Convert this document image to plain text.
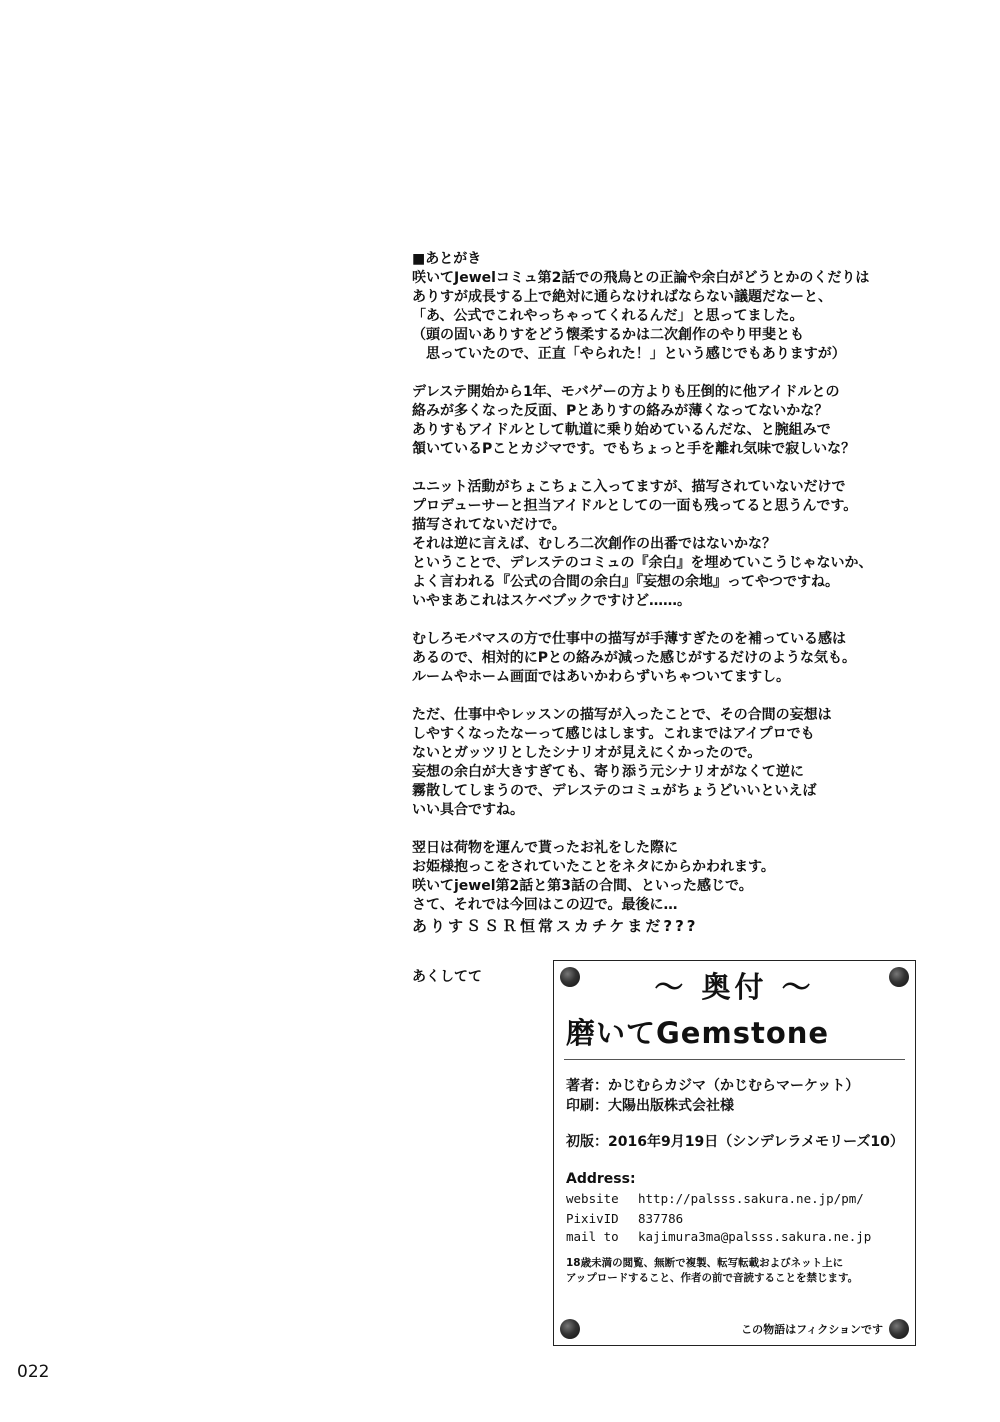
■あとがき
咲いてJewelコミュ第2話での飛鳥との正論や余白がどうとかのくだりは
ありすが成長する上で絶対に通らなければならない議題だなーと、
「あ、公式でこれやっちゃってくれるんだ」と思ってました。
（頭の固いありすをどう懐柔するかは二次創作のやり甲斐とも
　思っていたので、正直「やられた！」という感じでもありますが）
デレステ開始から1年、モバゲーの方よりも圧倒的に他アイドルとの
絡みが多くなった反面、Pとありすの絡みが薄くなってないかな？
ありすもアイドルとして軌道に乗り始めているんだな、と腕組みで
頷いているPことカジマです。でもちょっと手を離れ気味で寂しいな？
ユニット活動がちょこちょこ入ってますが、描写されていないだけで
プロデューサーと担当アイドルとしての一面も残ってると思うんです。
描写されてないだけで。
それは逆に言えば、むしろ二次創作の出番ではないかな？
ということで、デレステのコミュの『余白』を埋めていこうじゃないか、
よく言われる『公式の合間の余白』『妄想の余地』ってやつですね。
いやまあこれはスケベブックですけど……。
むしろモバマスの方で仕事中の描写が手薄すぎたのを補っている感は
あるので、相対的にPとの絡みが減った感じがするだけのような気も。
ルームやホーム画面ではあいかわらずいちゃついてますし。
ただ、仕事中やレッスンの描写が入ったことで、その合間の妄想は
しやすくなったなーって感じはします。これまではアイプロでも
ないとガッツリとしたシナリオが見えにくかったので。
妄想の余白が大きすぎても、寄り添う元シナリオがなくて逆に
霧散してしまうので、デレステのコミュがちょうどいいといえば
いい具合ですね。
翌日は荷物を運んで貰ったお礼をした際に
お姫様抱っこをされていたことをネタにからかわれます。
咲いてjewel第2話と第3話の合間、といった感じで。
さて、それでは今回はこの辺で。最後に…
ありすＳＳＲ恒常スカチケまだ???
あくしてて	～ 奥付 ～
磨いてGemstone
著者：かじむらカジマ（かじむらマーケット）
印刷：大陽出版株式会社様
初版：2016年9月19日（シンデレラメモリーズ10）
Address:
website http://palsss.sakura.ne.jp/pm/
PixivID 837786
mail to kajimura3ma@palsss.sakura.ne.jp
18歳未満の閲覧、無断で複製、転写転載およびネット上に
アップロードすること、作者の前で音読することを禁じます。
この物語はフィクションです
022
